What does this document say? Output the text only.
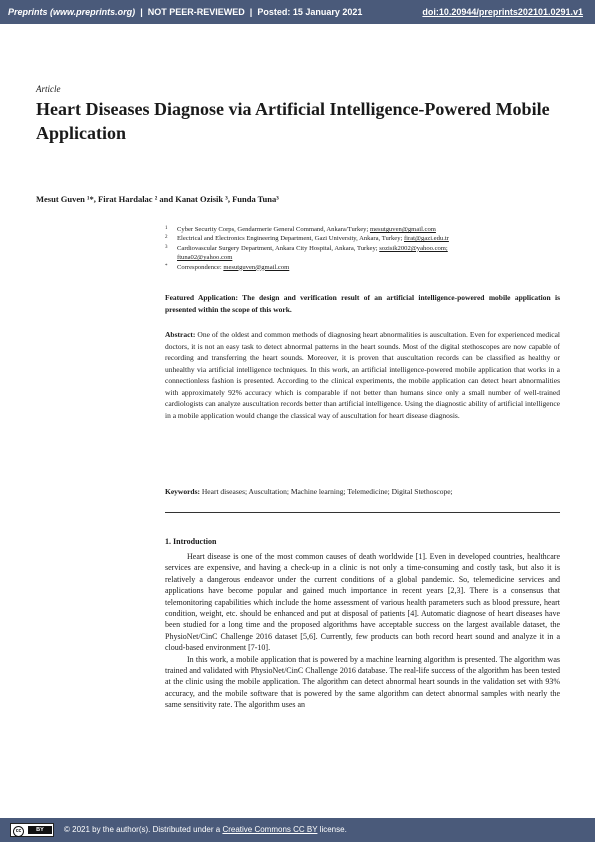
Preprints (www.preprints.org) | NOT PEER-REVIEWED | Posted: 15 January 2021	doi:10.20944/preprints202101.0291.v1
Article
Heart Diseases Diagnose via Artificial Intelligence-Powered Mobile Application
Mesut Guven ¹*, Firat Hardalac ² and Kanat Ozisik ³, Funda Tuna³
1 Cyber Security Corps, Gendarmerie General Command, Ankara/Turkey; mesutguven@gmail.com
2 Electrical and Electronics Engineering Department, Gazi University, Ankara, Turkey; firat@gazi.edu.tr
3 Cardiovascular Surgery Department, Ankara City Hospital, Ankara, Turkey; sozisik2002@yahoo.com;
ftuna02@yahoo.com
* Correspondence: mesutguven@gmail.com

Featured Application: The design and verification result of an artificial intelligence-powered mobile application is presented within the scope of this work.

Abstract: One of the oldest and common methods of diagnosing heart abnormalities is auscultation. Even for experienced medical doctors, it is not an easy task to detect abnormal patterns in the heart sounds. Most of the digital stethoscopes are now capable of recording and transferring the heart sounds. Moreover, it is proven that auscultation records can be classified as healthy or unhealthy via artificial intelligence techniques. In this work, an artificial intelligence-powered mobile application that works in a connectionless fashion is presented. According to the clinical experiments, the mobile application can detect heart abnormalities with approximately 92% accuracy which is comparable if not better than humans since only a small number of well-trained cardiologists can analyze auscultation records better than artificial intelligence. Using the diagnostic ability of artificial intelligence in a mobile application would change the classical way of auscultation for heart disease diagnosis.

Keywords: Heart diseases; Auscultation; Machine learning; Telemedicine; Digital Stethoscope;

1. Introduction

Heart disease is one of the most common causes of death worldwide [1]. Even in developed countries, healthcare services are expensive, and having a check-up in a clinic is not only a time-consuming and costly task, but also it is relatively a dangerous endeavor under the current conditions of a global pandemic. So, telemedicine services and applications have become popular and gained much importance in recent years [2,3]. There is a consensus that telemonitoring capabilities which include the home assessment of various health parameters such as blood pressure, heart condition, weight, etc. should be enhanced and put at disposal of patients [4]. Automatic diagnose of heart diseases have been studied for a long time and the proposed algorithms have acceptable success on the largest available dataset, the PhysioNet/CinC Challenge 2016 dataset [5,6]. Currently, few products can both record heart sound and analyze it in a cloud-based environment [7-10].

In this work, a mobile application that is powered by a machine learning algorithm is presented. The algorithm was trained and validated with PhysioNet/CinC Challenge 2016 database. The real-life success of the algorithm has been tested at the clinic using the mobile application. The algorithm can detect abnormal heart sounds in the validation set with 93% accuracy, and the mobile software that is powered by the same algorithm can detect abnormal samples with nearly the same sensitivity rate. The algorithm uses an

cc	BY	© 2021 by the author(s). Distributed under a Creative Commons CC BY license.
